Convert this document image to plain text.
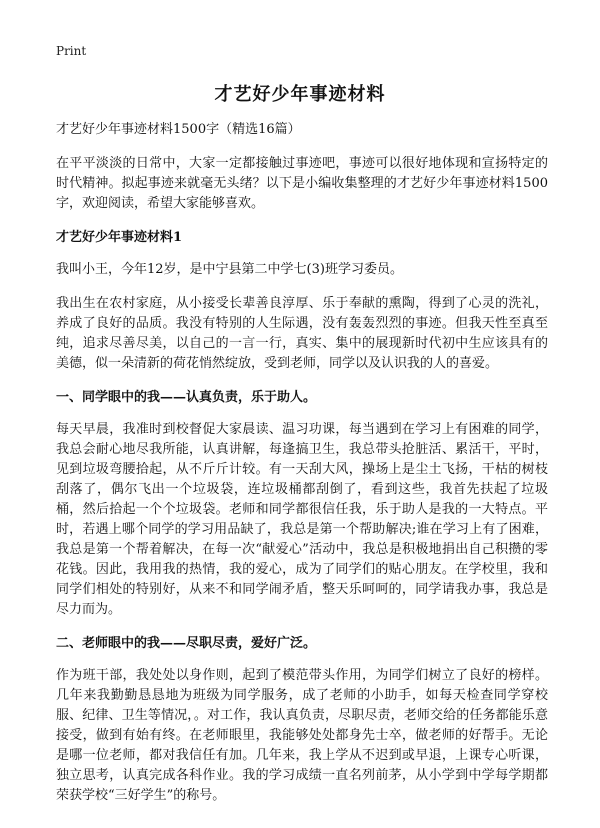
Print
才艺好少年事迹材料

才艺好少年事迹材料1500字（精选16篇）

在平平淡淡的日常中，大家一定都接触过事迹吧，事迹可以很好地体现和宣扬特定的时代精神。拟起事迹来就毫无头绪？以下是小编收集整理的才艺好少年事迹材料1500字，欢迎阅读，希望大家能够喜欢。

才艺好少年事迹材料1

我叫小王，今年12岁，是中宁县第二中学七(3)班学习委员。

我出生在农村家庭，从小接受长辈善良淳厚、乐于奉献的熏陶，得到了心灵的洗礼，养成了良好的品质。我没有特别的人生际遇，没有轰轰烈烈的事迹。但我天性至真至纯，追求尽善尽美，以自己的一言一行，真实、集中的展现新时代初中生应该具有的美德，似一朵清新的荷花悄然绽放，受到老师，同学以及认识我的人的喜爱。

一、同学眼中的我——认真负责，乐于助人。

每天早晨，我准时到校督促大家晨读、温习功课，每当遇到在学习上有困难的同学，我总会耐心地尽我所能，认真讲解，每逢搞卫生，我总带头抢脏活、累活干，平时，见到垃圾弯腰拾起，从不斤斤计较。有一天刮大风，操场上是尘土飞扬，干枯的树枝刮落了，偶尔飞出一个垃圾袋，连垃圾桶都刮倒了，看到这些，我首先扶起了垃圾桶，然后拾起一个个垃圾袋。老师和同学都很信任我，乐于助人是我的一大特点。平时，若遇上哪个同学的学习用品缺了，我总是第一个帮助解决;谁在学习上有了困难，我总是第一个帮着解决，在每一次“献爱心”活动中，我总是积极地捐出自己积攒的零花钱。因此，我用我的热情，我的爱心，成为了同学们的贴心朋友。在学校里，我和同学们相处的特别好，从来不和同学闹矛盾，整天乐呵呵的，同学请我办事，我总是尽力而为。

二、老师眼中的我——尽职尽责，爱好广泛。

作为班干部，我处处以身作则，起到了模范带头作用，为同学们树立了良好的榜样。几年来我勤勤恳恳地为班级为同学服务，成了老师的小助手，如每天检查同学穿校服、纪律、卫生等情况，。对工作，我认真负责，尽职尽责，老师交给的任务都能乐意接受，做到有始有终。在老师眼里，我能够处处都身先士卒，做老师的好帮手。无论是哪一位老师，都对我信任有加。几年来，我上学从不迟到或早退，上课专心听课，独立思考，认真完成各科作业。我的学习成绩一直名列前茅，从小学到中学每学期都荣获学校“三好学生”的称号。
